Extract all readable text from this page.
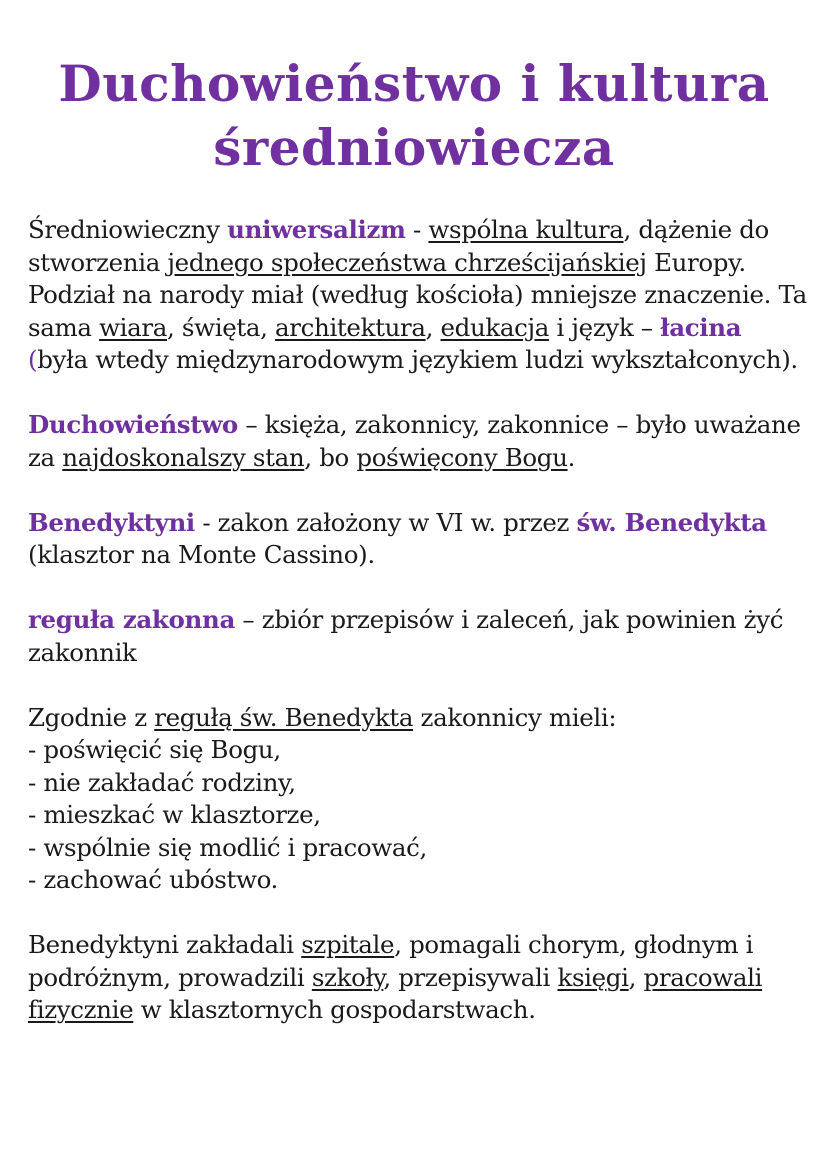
Duchowieństwo i kultura
średniowiecza

Średniowieczny uniwersalizm - wspólna kultura, dążenie do stworzenia jednego społeczeństwa chrześcijańskiej Europy. Podział na narody miał (według kościoła) mniejsze znaczenie. Ta sama wiara, święta, architektura, edukacja i język – łacina (była wtedy międzynarodowym językiem ludzi wykształconych).

Duchowieństwo – księża, zakonnicy, zakonnice – było uważane za najdoskonalszy stan, bo poświęcony Bogu.

Benedyktyni - zakon założony w VI w. przez św. Benedykta (klasztor na Monte Cassino).

reguła zakonna – zbiór przepisów i zaleceń, jak powinien żyć zakonnik

Zgodnie z regułą św. Benedykta zakonnicy mieli:
- poświęcić się Bogu,
- nie zakładać rodziny,
- mieszkać w klasztorze,
- wspólnie się modlić i pracować,
- zachować ubóstwo.

Benedyktyni zakładali szpitale, pomagali chorym, głodnym i podróżnym, prowadzili szkoły, przepisywali księgi, pracowali fizycznie w klasztornych gospodarstwach.
